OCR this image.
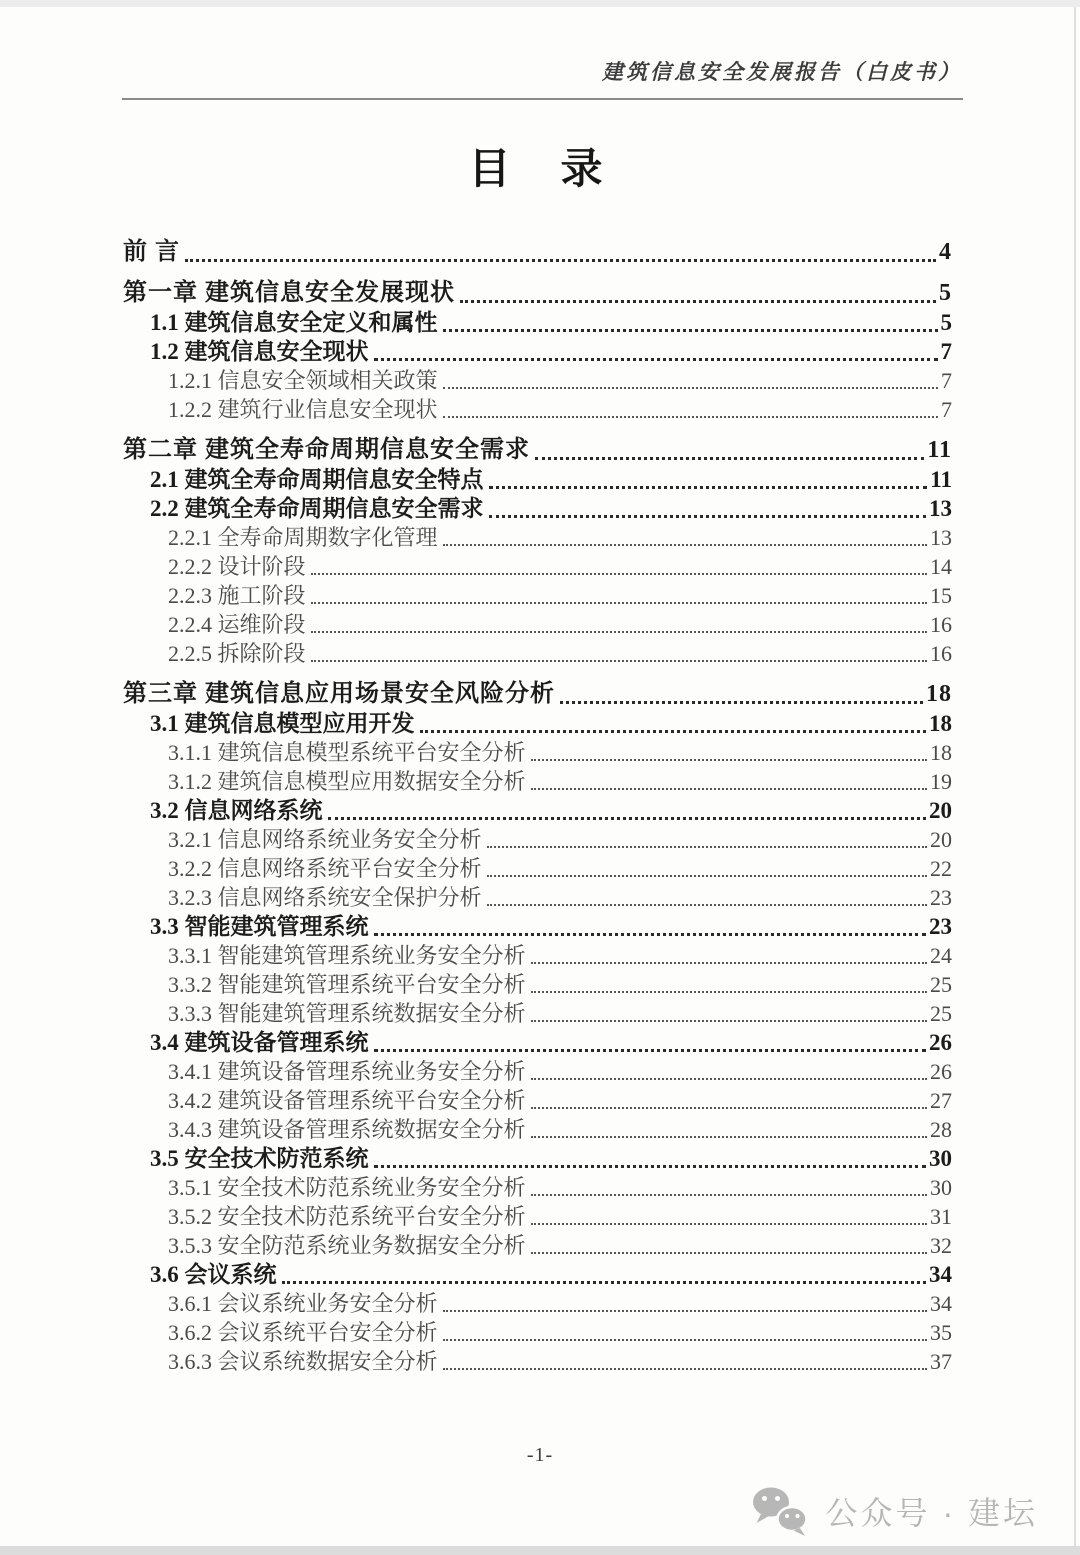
建筑信息安全发展报告（白皮书）
目　录
前 言	4
第一章 建筑信息安全发展现状	5
1.1 建筑信息安全定义和属性	5
1.2 建筑信息安全现状	7
1.2.1 信息安全领域相关政策	7
1.2.2 建筑行业信息安全现状	7
第二章 建筑全寿命周期信息安全需求	11
2.1 建筑全寿命周期信息安全特点	11
2.2 建筑全寿命周期信息安全需求	13
2.2.1 全寿命周期数字化管理	13
2.2.2 设计阶段	14
2.2.3 施工阶段	15
2.2.4 运维阶段	16
2.2.5 拆除阶段	16
第三章 建筑信息应用场景安全风险分析	18
3.1 建筑信息模型应用开发	18
3.1.1 建筑信息模型系统平台安全分析	18
3.1.2 建筑信息模型应用数据安全分析	19
3.2 信息网络系统	20
3.2.1 信息网络系统业务安全分析	20
3.2.2 信息网络系统平台安全分析	22
3.2.3 信息网络系统安全保护分析	23
3.3 智能建筑管理系统	23
3.3.1 智能建筑管理系统业务安全分析	24
3.3.2 智能建筑管理系统平台安全分析	25
3.3.3 智能建筑管理系统数据安全分析	25
3.4 建筑设备管理系统	26
3.4.1 建筑设备管理系统业务安全分析	26
3.4.2 建筑设备管理系统平台安全分析	27
3.4.3 建筑设备管理系统数据安全分析	28
3.5 安全技术防范系统	30
3.5.1 安全技术防范系统业务安全分析	30
3.5.2 安全技术防范系统平台安全分析	31
3.5.3 安全防范系统业务数据安全分析	32
3.6 会议系统	34
3.6.1 会议系统业务安全分析	34
3.6.2 会议系统平台安全分析	35
3.6.3 会议系统数据安全分析	37
-1-
公众号 · 建坛
